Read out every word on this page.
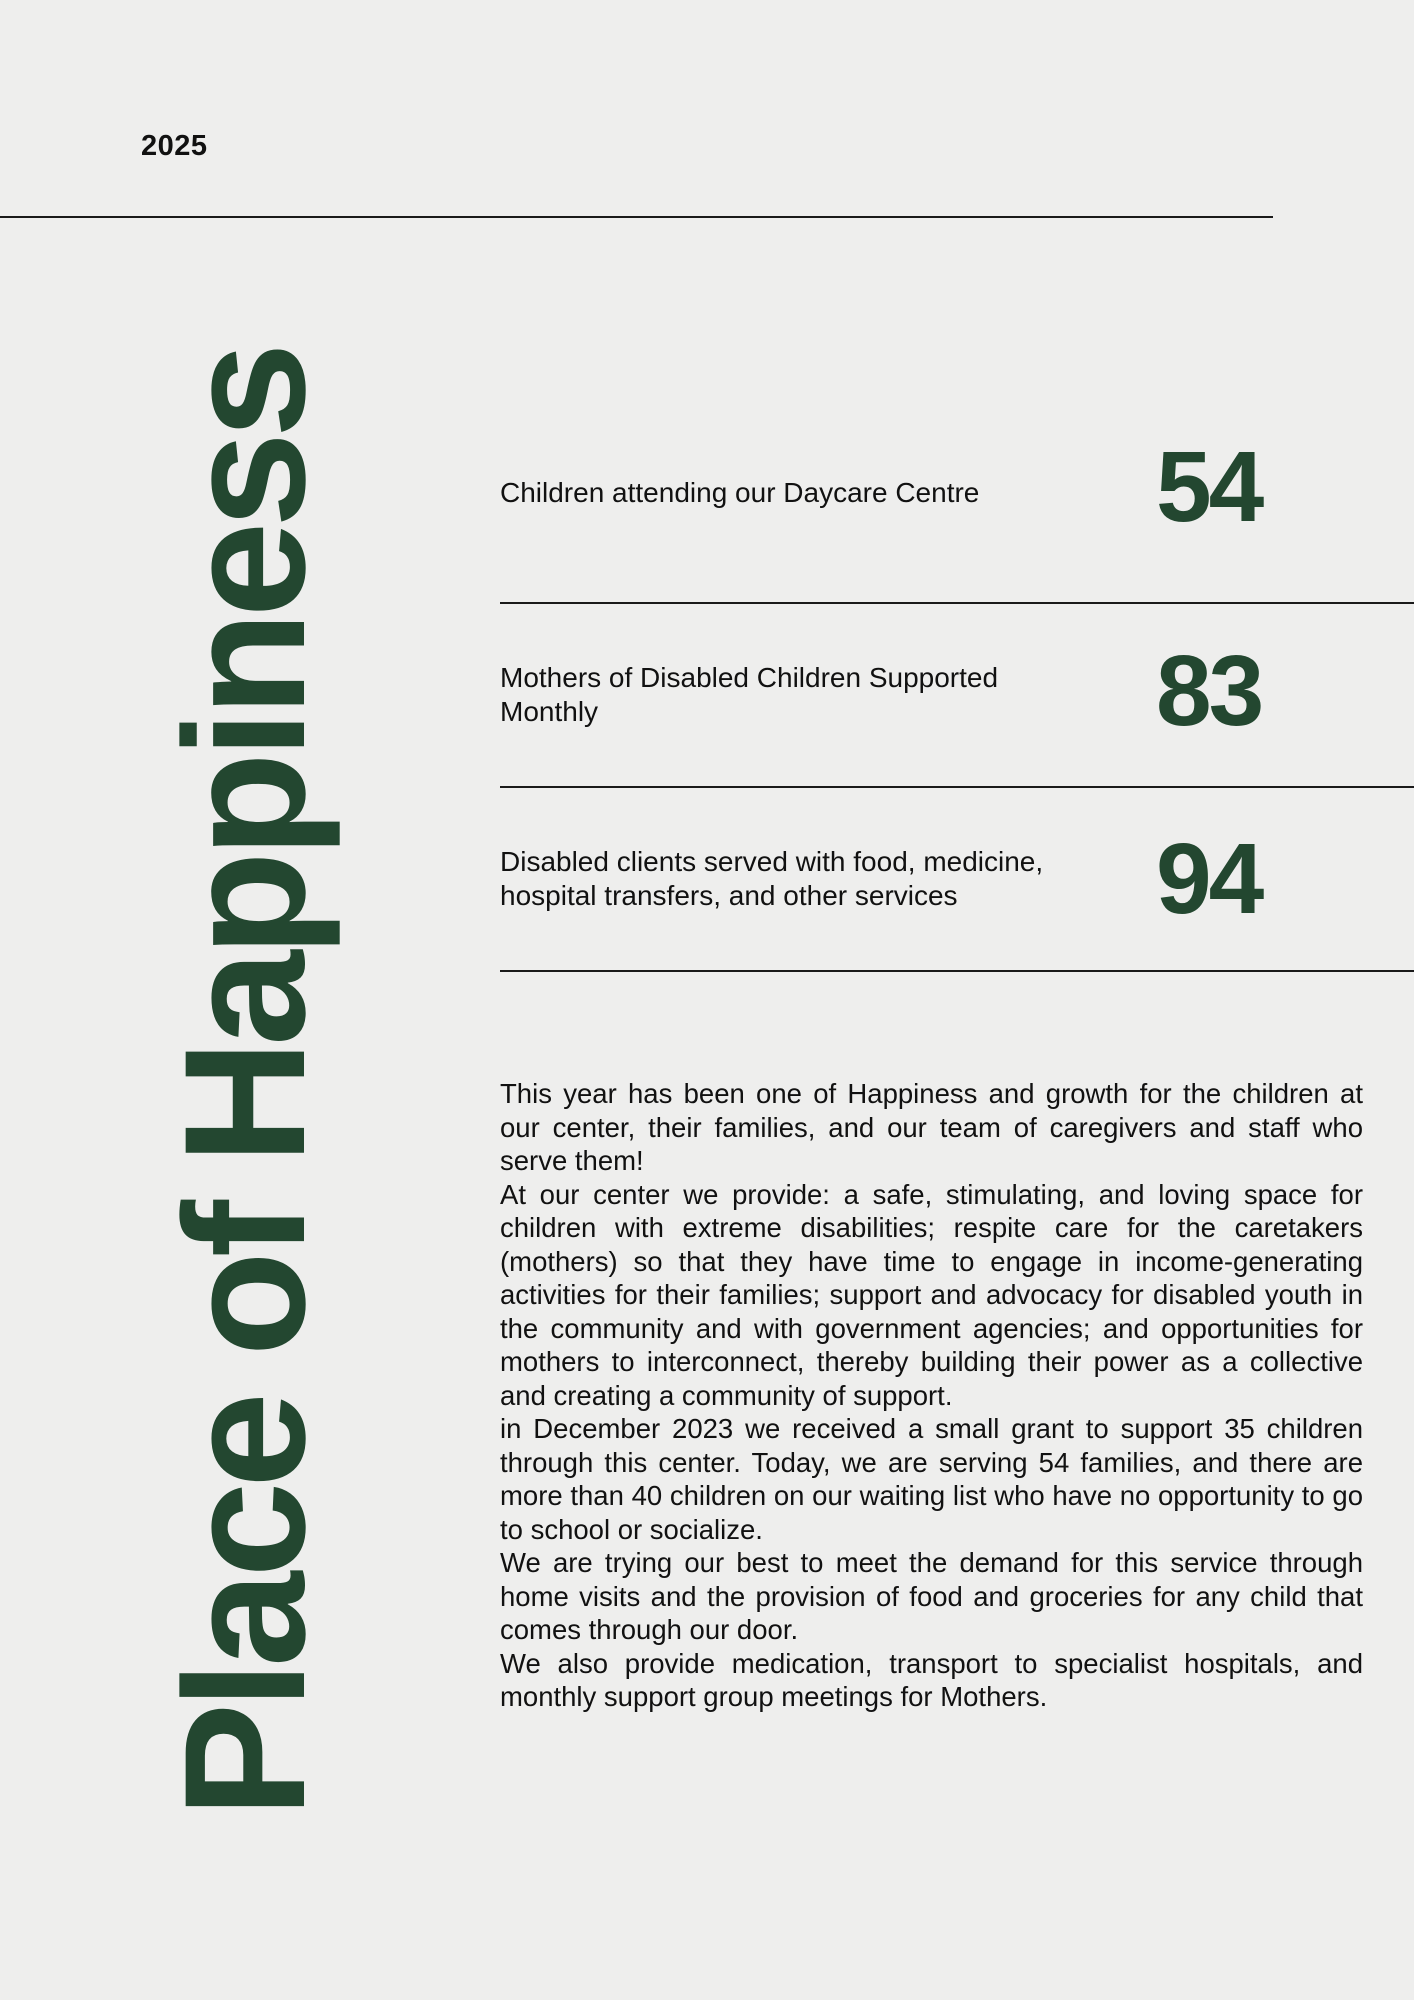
2025
Place of Happiness	Children attending our Daycare Centre	54
Mothers of Disabled Children Supported Monthly	83
Disabled clients served with food, medicine, hospital transfers, and other services	94

This year has been one of Happiness and growth for the children at our center, their families, and our team of caregivers and staff who serve them!

At our center we provide: a safe, stimulating, and loving space for children with extreme disabilities; respite care for the caretakers (mothers) so that they have time to engage in income-generating activities for their families; support and advocacy for disabled youth in the community and with government agencies; and opportunities for mothers to interconnect, thereby building their power as a collective and creating a community of support.

in December 2023 we received a small grant to support 35 children through this center. Today, we are serving 54 families, and there are more than 40 children on our waiting list who have no opportunity to go to school or socialize.

We are trying our best to meet the demand for this service through home visits and the provision of food and groceries for any child that comes through our door.

We also provide medication, transport to specialist hospitals, and monthly support group meetings for Mothers.
